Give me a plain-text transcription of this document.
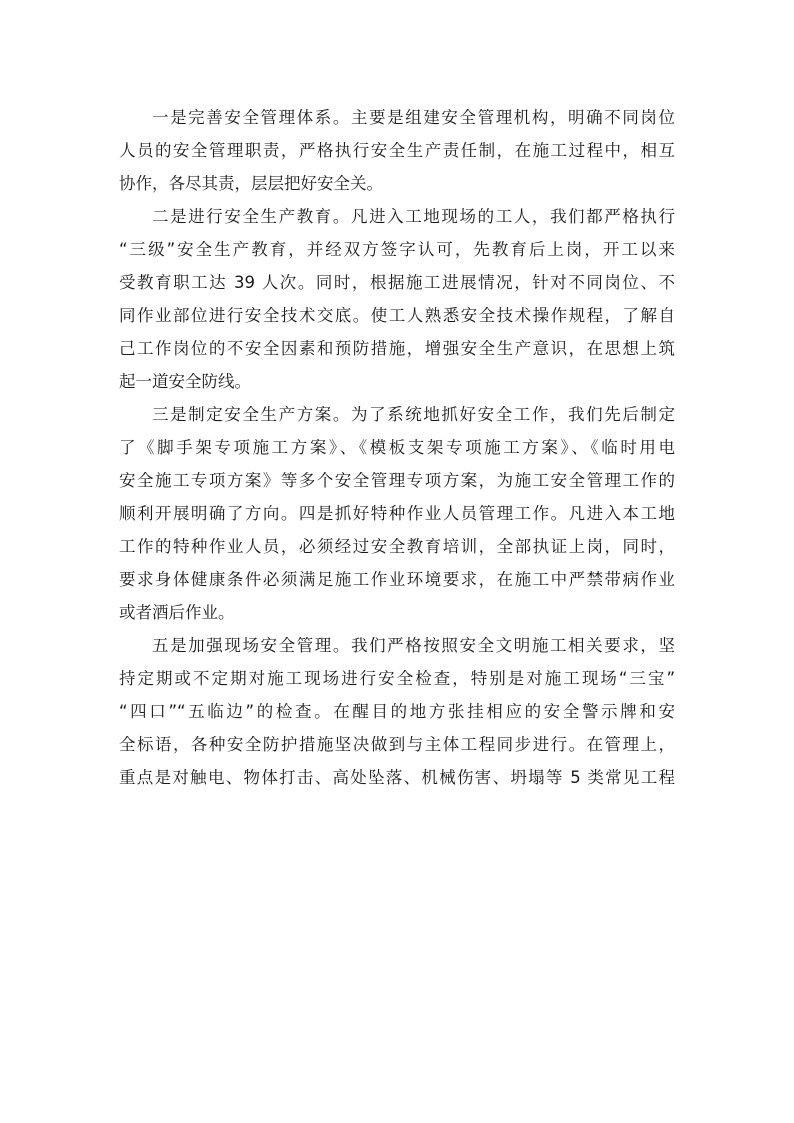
一是完善安全管理体系。主要是组建安全管理机构，明确不同岗位
人员的安全管理职责，严格执行安全生产责任制，在施工过程中，相互
协作，各尽其责，层层把好安全关。
二是进行安全生产教育。凡进入工地现场的工人，我们都严格执行
“三级”安全生产教育，并经双方签字认可，先教育后上岗，开工以来
受教育职工达 39 人次。同时，根据施工进展情况，针对不同岗位、不
同作业部位进行安全技术交底。使工人熟悉安全技术操作规程，了解自
己工作岗位的不安全因素和预防措施，增强安全生产意识，在思想上筑
起一道安全防线。
三是制定安全生产方案。为了系统地抓好安全工作，我们先后制定
了《脚手架专项施工方案》、《模板支架专项施工方案》、《临时用电
安全施工专项方案》等多个安全管理专项方案，为施工安全管理工作的
顺利开展明确了方向。四是抓好特种作业人员管理工作。凡进入本工地
工作的特种作业人员，必须经过安全教育培训，全部执证上岗，同时，
要求身体健康条件必须满足施工作业环境要求，在施工中严禁带病作业
或者酒后作业。
五是加强现场安全管理。我们严格按照安全文明施工相关要求，坚
持定期或不定期对施工现场进行安全检查，特别是对施工现场“三宝”
“四口”“五临边”的检查。在醒目的地方张挂相应的安全警示牌和安
全标语，各种安全防护措施坚决做到与主体工程同步进行。在管理上，
重点是对触电、物体打击、高处坠落、机械伤害、坍塌等 5 类常见工程
